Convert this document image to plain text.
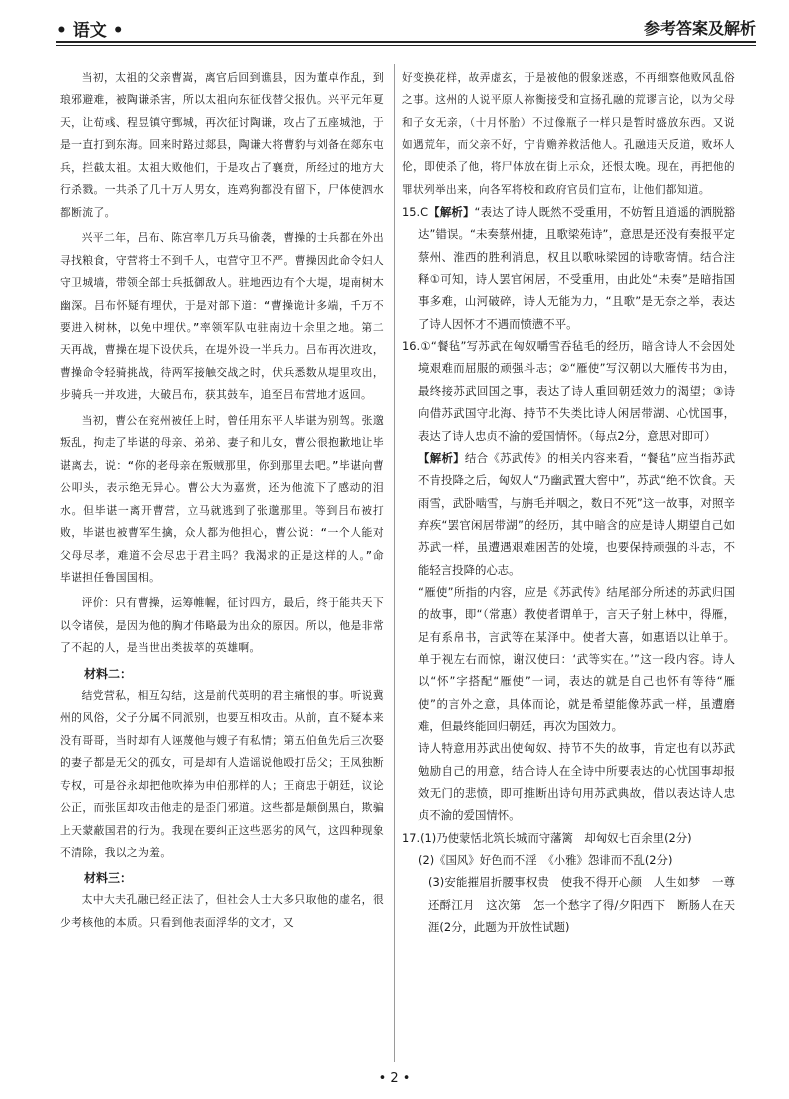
• 语文 •	参考答案及解析

当初，太祖的父亲曹嵩，离官后回到谯县，因为董卓作乱，到琅邪避难，被陶谦杀害，所以太祖向东征伐替父报仇。兴平元年夏天，让荀彧、程昱镇守鄄城，再次征讨陶谦，攻占了五座城池，于是一直打到东海。回来时路过郯县，陶谦大将曹豹与刘备在郯东屯兵，拦截太祖。太祖大败他们，于是攻占了襄贲，所经过的地方大行杀戮。一共杀了几十万人男女，连鸡狗都没有留下，尸体使泗水都断流了。

兴平二年，吕布、陈宫率几万兵马偷袭，曹操的士兵都在外出寻找粮食，守营将士不到千人，屯营守卫不严。曹操因此命令妇人守卫城墙，带领全部士兵抵御敌人。驻地西边有个大堤，堤南树木幽深。吕布怀疑有埋伏，于是对部下道：“曹操诡计多端，千万不要进入树林，以免中埋伏。”率领军队屯驻南边十余里之地。第二天再战，曹操在堤下设伏兵，在堤外设一半兵力。吕布再次进攻，曹操命令轻骑挑战，待两军接触交战之时，伏兵悉数从堤里攻出，步骑兵一并攻进，大破吕布，获其鼓车，追至吕布营地才返回。

当初，曹公在兖州被任上时，曾任用东平人毕谌为别驾。张邈叛乱，拘走了毕谌的母亲、弟弟、妻子和儿女，曹公很抱歉地让毕谌离去，说：“你的老母亲在叛贼那里，你到那里去吧。”毕谌向曹公叩头，表示绝无异心。曹公大为嘉赏，还为他流下了感动的泪水。但毕谌一离开曹营，立马就逃到了张邈那里。等到吕布被打败，毕谌也被曹军生擒，众人都为他担心，曹公说：“一个人能对父母尽孝，难道不会尽忠于君主吗？我渴求的正是这样的人。”命毕谌担任鲁国国相。

评价：只有曹操，运筹帷幄，征讨四方，最后，终于能共天下以令诸侯，是因为他的胸才伟略最为出众的原因。所以，他是非常了不起的人，是当世出类拔萃的英雄啊。

材料二：

结党营私，相互勾结，这是前代英明的君主痛恨的事。听说冀州的风俗，父子分属不同派别，也要互相攻击。从前，直不疑本来没有哥哥，当时却有人诬蔑他与嫂子有私情；第五伯鱼先后三次娶的妻子都是无父的孤女，可是却有人造谣说他殴打岳父；王凤独断专权，可是谷永却把他吹捧为申伯那样的人；王商忠于朝廷，议论公正，而张匡却攻击他走的是歪门邪道。这些都是颠倒黑白，欺骗上天蒙蔽国君的行为。我现在要纠正这些恶劣的风气，这四种现象不清除，我以之为羞。

材料三：

太中大夫孔融已经正法了，但社会人士大多只取他的虚名，很少考核他的本质。只看到他表面浮华的文才，又

好变换花样，故弄虚玄，于是被他的假象迷惑，不再细察他败风乱俗之事。这州的人说平原人祢衡接受和宣扬孔融的荒谬言论，以为父母和子女无亲，（十月怀胎）不过像瓶子一样只是暂时盛放东西。又说如遇荒年，而父亲不好，宁肯赡养救活他人。孔融违天反道，败坏人伦，即使杀了他，将尸体放在街上示众，还恨太晚。现在，再把他的罪状列举出来，向各军将校和政府官员们宣布，让他们都知道。

15.C【解析】“表达了诗人既然不受重用，不妨暂且逍遥的洒脱豁达”错误。“未奏蔡州捷，且歌梁苑诗”，意思是还没有奏报平定蔡州、淮西的胜利消息，权且以歌咏梁园的诗歌寄情。结合注释①可知，诗人罢官闲居，不受重用，由此处“未奏”是暗指国事多难，山河破碎，诗人无能为力，“且歌”是无奈之举，表达了诗人因怀才不遇而愤懑不平。

16.①“餐毡”写苏武在匈奴嚼雪吞毡毛的经历，暗含诗人不会因处境艰难而屈服的顽强斗志；②“雁使”写汉朝以大雁传书为由，最终接苏武回国之事，表达了诗人重回朝廷效力的渴望；③诗向借苏武国守北海、持节不失类比诗人闲居带湖、心忧国事，表达了诗人忠贞不渝的爱国情怀。（每点2分，意思对即可）

【解析】结合《苏武传》的相关内容来看，“餐毡”应当指苏武不肯投降之后，匈奴人“乃幽武置大窖中”，苏武“绝不饮食。天雨雪，武卧啮雪，与旃毛并咽之，数日不死”这一故事，对照辛弃疾“罢官闲居带湖”的经历，其中暗含的应是诗人期望自己如苏武一样，虽遭遇艰难困苦的处境，也要保持顽强的斗志，不能轻言投降的心志。

“雁使”所指的内容，应是《苏武传》结尾部分所述的苏武归国的故事，即“（常惠）教使者谓单于，言天子射上林中，得雁，足有系帛书，言武等在某泽中。使者大喜，如惠语以让单于。单于视左右而惊，谢汉使曰：‘武等实在。’”这一段内容。诗人以“怀”字搭配“雁使”一词，表达的就是自己也怀有等待“雁使”的言外之意，具体而论，就是希望能像苏武一样，虽遭磨难，但最终能回归朝廷，再次为国效力。

诗人特意用苏武出使匈奴、持节不失的故事，肯定也有以苏武勉励自己的用意，结合诗人在全诗中所要表达的心忧国事却报效无门的悲愤，即可推断出诗句用苏武典故，借以表达诗人忠贞不渝的爱国情怀。

17.(1)乃使蒙恬北筑长城而守藩篱　却匈奴七百余里(2分)

(2)《国风》好色而不淫　《小雅》怨诽而不乱(2分)

(3)安能摧眉折腰事权贵　使我不得开心颜　人生如梦　一尊还酹江月　这次第　怎一个愁字了得/夕阳西下　断肠人在天涯(2分，此题为开放性试题)

• 2 •
